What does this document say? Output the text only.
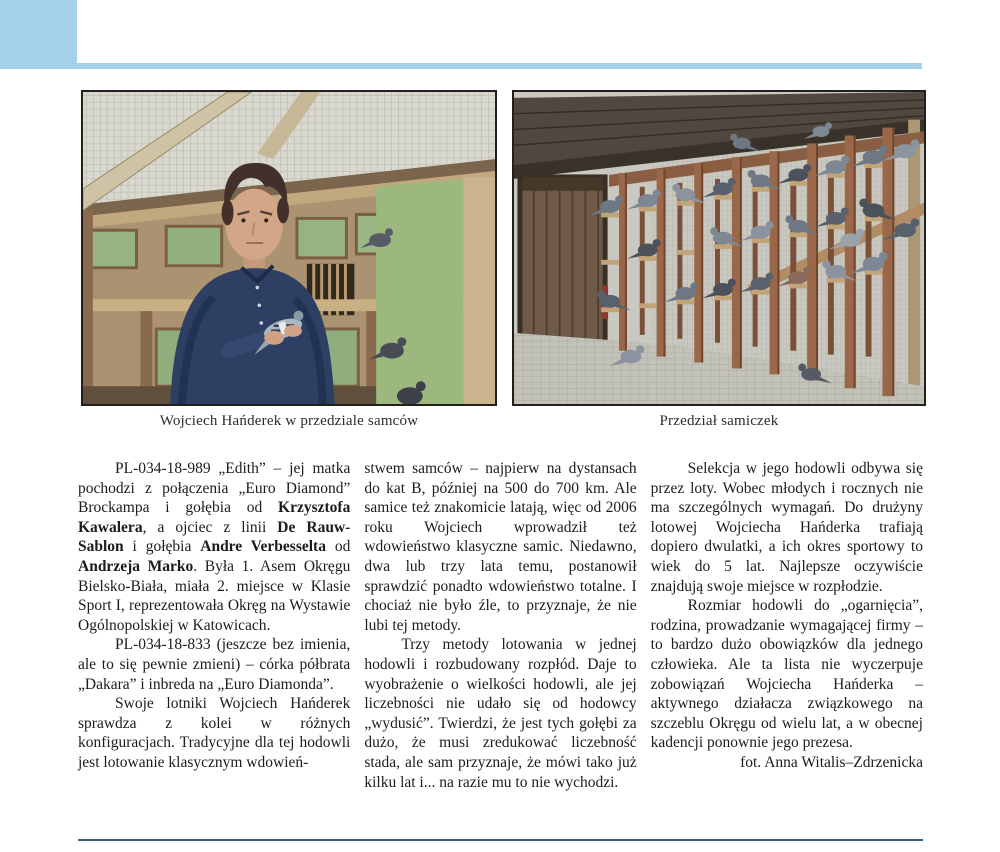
Wojciech Hańderek w przedziale samców	Przedział samiczek

PL-034-18-989 „Edith” – jej matka pochodzi z połączenia „Euro Diamond” Brockampa i gołębia od Krzysztofa Kawalera, a ojciec z linii De Rauw-Sablon i gołębia Andre Verbesselta od Andrzeja Marko. Była 1. Asem Okręgu Bielsko-Biała, miała 2. miejsce w Klasie Sport I, reprezentowała Okręg na Wystawie Ogólnopolskiej w Katowicach.

PL-034-18-833 (jeszcze bez imienia, ale to się pewnie zmieni) – córka półbrata „Dakara” i inbreda na „Euro Diamonda”.

Swoje lotniki Wojciech Hańderek sprawdza z kolei w różnych konfiguracjach. Tradycyjne dla tej hodowli jest lotowanie klasycznym wdowień-

stwem samców – najpierw na dystansach do kat B, później na 500 do 700 km. Ale samice też znakomicie latają, więc od 2006 roku Wojciech wprowadził też wdowieństwo klasyczne samic. Niedawno, dwa lub trzy lata temu, postanowił sprawdzić ponadto wdowieństwo totalne. I chociaż nie było źle, to przyznaje, że nie lubi tej metody.

Trzy metody lotowania w jednej hodowli i rozbudowany rozpłód. Daje to wyobrażenie o wielkości hodowli, ale jej liczebności nie udało się od hodowcy „wydusić”. Twierdzi, że jest tych gołębi za dużo, że musi zredukować liczebność stada, ale sam przyznaje, że mówi tako już kilku lat i... na razie mu to nie wychodzi.

Selekcja w jego hodowli odbywa się przez loty. Wobec młodych i rocznych nie ma szczególnych wymagań. Do drużyny lotowej Wojciecha Hańderka trafiają dopiero dwulatki, a ich okres sportowy to wiek do 5 lat. Najlepsze oczywiście znajdują swoje miejsce w rozpłodzie.

Rozmiar hodowli do „ogarnięcia”, rodzina, prowadzanie wymagającej firmy – to bardzo dużo obowiązków dla jednego człowieka. Ale ta lista nie wyczerpuje zobowiązań Wojciecha Hańderka – aktywnego działacza związkowego na szczeblu Okręgu od wielu lat, a w obecnej kadencji ponownie jego prezesa.

fot. Anna Witalis–Zdrzenicka
